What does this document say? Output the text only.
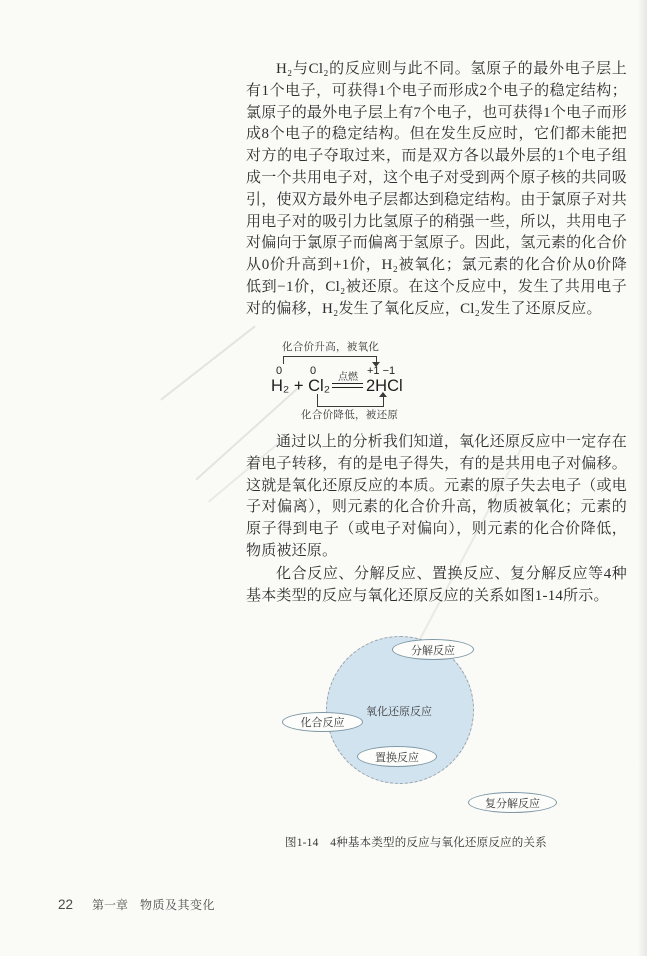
H₂与Cl₂的反应则与此不同。氢原子的最外电子层上有1个电子，可获得1个电子而形成2个电子的稳定结构；氯原子的最外电子层上有7个电子，也可获得1个电子而形成8个电子的稳定结构。但在发生反应时，它们都未能把对方的电子夺取过来，而是双方各以最外层的1个电子组成一个共用电子对，这个电子对受到两个原子核的共同吸引，使双方最外电子层都达到稳定结构。由于氯原子对共用电子对的吸引力比氢原子的稍强一些，所以，共用电子对偏向于氯原子而偏离于氢原子。因此，氢元素的化合价从0价升高到+1价，H₂被氧化；氯元素的化合价从0价降低到−1价，Cl₂被还原。在这个反应中，发生了共用电子对的偏移，H₂发生了氧化反应，Cl₂发生了还原反应。
化合价升高，被氧化
0	0	+1 −1
H₂ + Cl₂ 点燃 2HCl
化合价降低，被还原
通过以上的分析我们知道，氧化还原反应中一定存在着电子转移，有的是电子得失，有的是共用电子对偏移。这就是氧化还原反应的本质。元素的原子失去电子（或电子对偏离），则元素的化合价升高，物质被氧化；元素的原子得到电子（或电子对偏向），则元素的化合价降低，物质被还原。
化合反应、分解反应、置换反应、复分解反应等4种基本类型的反应与氧化还原反应的关系如图1-14所示。
氧化还原反应
分解反应
化合反应
置换反应
复分解反应
图1-14　4种基本类型的反应与氧化还原反应的关系
22 第一章 物质及其变化
